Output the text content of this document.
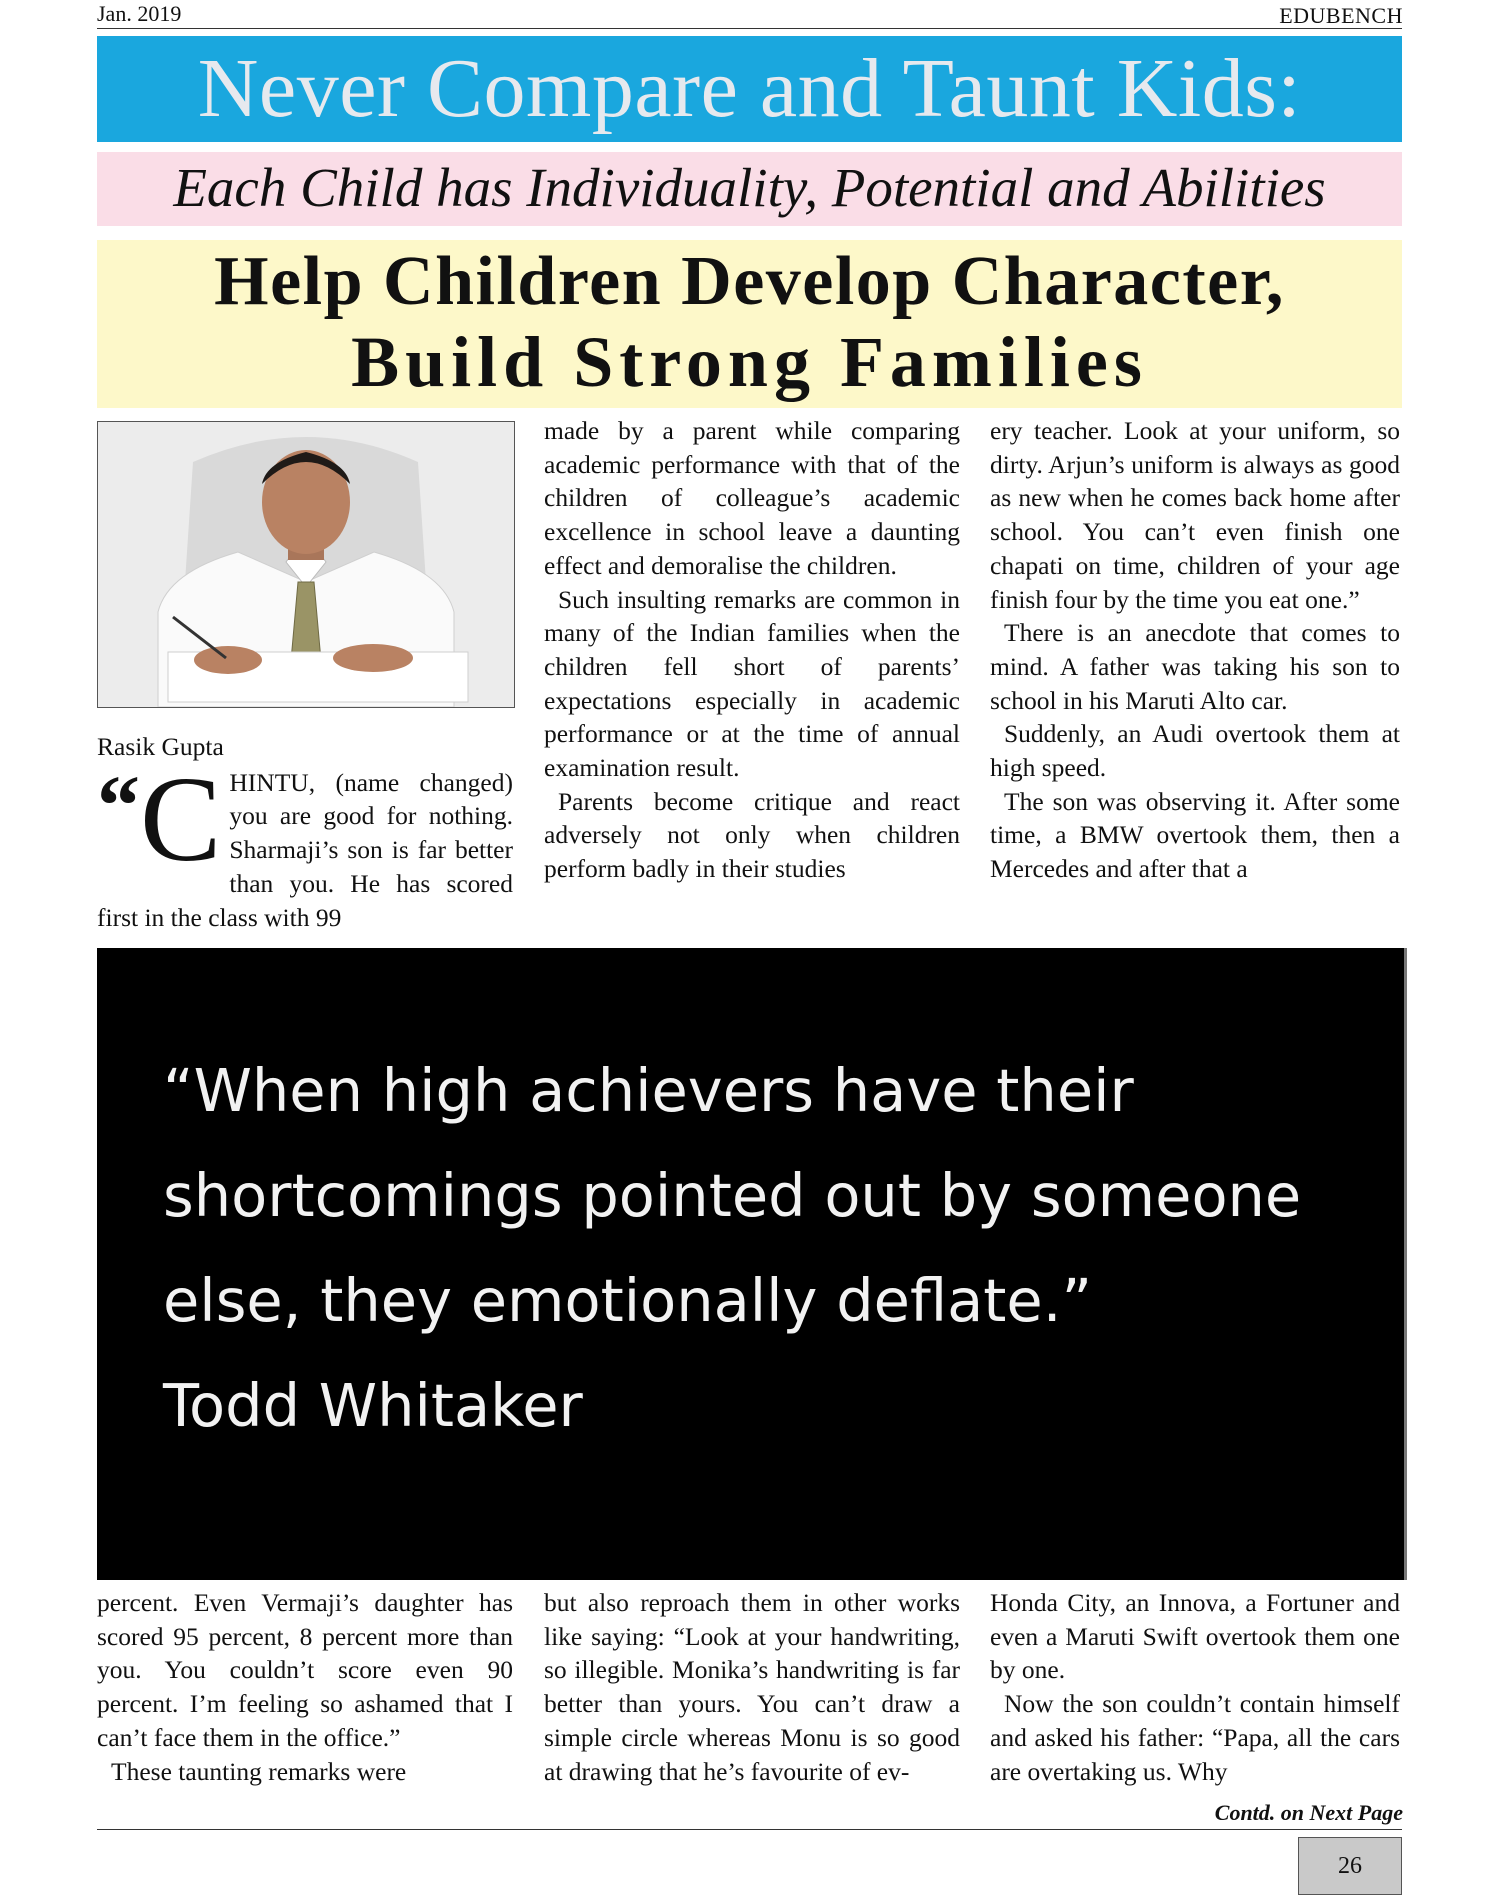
Jan. 2019	EDUBENCH
Never Compare and Taunt Kids:
Each Child has Individuality, Potential and Abilities
Help Children Develop Character,
Build Strong Families
Rasik Gupta
“ C HINTU, (name changed) you are good for nothing. Sharmaji’s son is far better than you. He has scored first in the class with 99

made by a parent while comparing academic performance with that of the children of colleague’s academic excellence in school leave a daunting effect and demoralise the children.

Such insulting remarks are common in many of the Indian families when the children fell short of parents’ expectations especially in academic performance or at the time of annual examination result.

Parents become critique and react adversely not only when children perform badly in their studies

ery teacher. Look at your uniform, so dirty. Arjun’s uniform is always as good as new when he comes back home after school. You can’t even finish one chapati on time, children of your age finish four by the time you eat one.”

There is an anecdote that comes to mind. A father was taking his son to school in his Maruti Alto car.

Suddenly, an Audi overtook them at high speed.

The son was observing it. After some time, a BMW overtook them, then a Mercedes and after that a

“When high achievers have their
shortcomings pointed out by someone
else, they emotionally deflate.”
Todd Whitaker

percent. Even Vermaji’s daughter has scored 95 percent, 8 percent more than you. You couldn’t score even 90 percent. I’m feeling so ashamed that I can’t face them in the office.”

These taunting remarks were

but also reproach them in other works like saying: “Look at your handwriting, so illegible. Monika’s handwriting is far better than yours. You can’t draw a simple circle whereas Monu is so good at drawing that he’s favourite of ev-

Honda City, an Innova, a Fortuner and even a Maruti Swift overtook them one by one.

Now the son couldn’t contain himself and asked his father: “Papa, all the cars are overtaking us. Why

Contd. on Next Page
26
